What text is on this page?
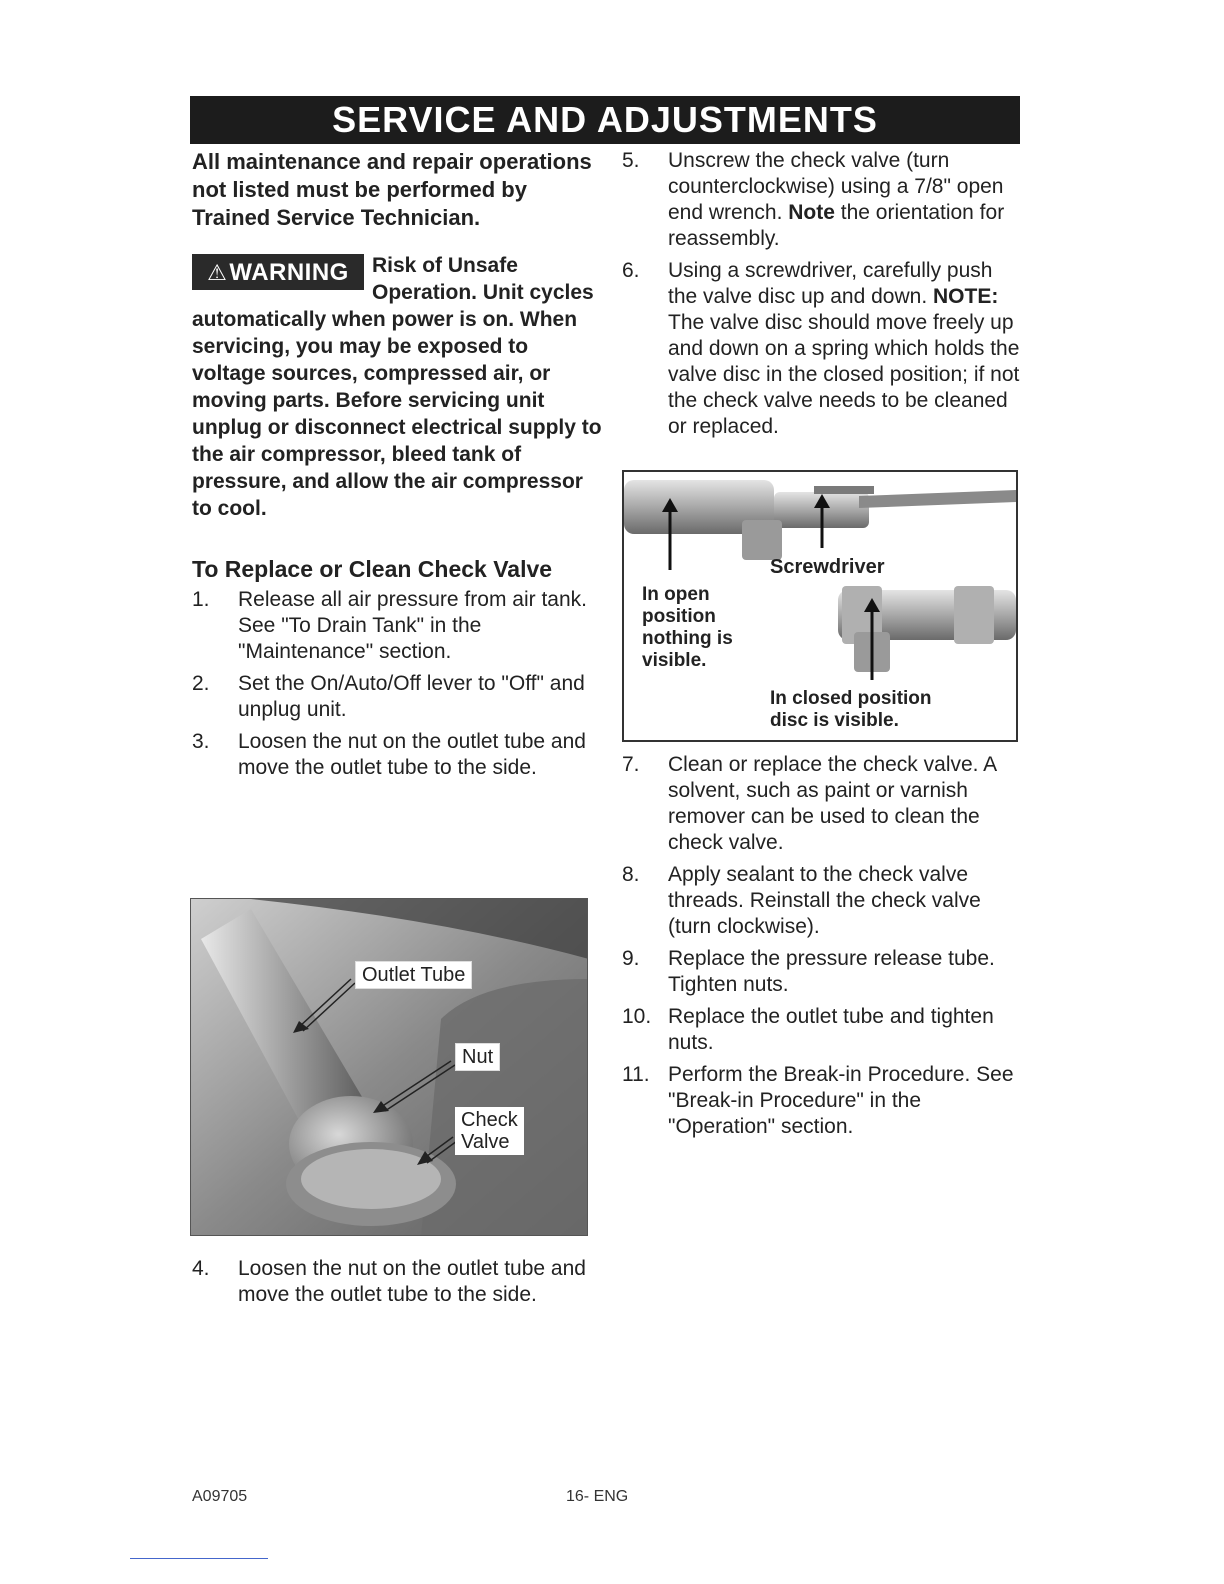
SERVICE AND ADJUSTMENTS

All maintenance and repair operations not listed must be performed by Trained Service Technician.

⚠ WARNING Risk of Unsafe Operation. Unit cycles automatically when power is on. When servicing, you may be exposed to voltage sources, compressed air, or moving parts. Before servicing unit unplug or disconnect electrical supply to the air compressor, bleed tank of pressure, and allow the air compressor to cool.
To Replace or Clean Check Valve
1.	Release all air pressure from air tank. See "To Drain Tank" in the "Maintenance" section.
2.	Set the On/Auto/Off lever to "Off" and unplug unit.
3.	Loosen the nut on the outlet tube and move the outlet tube to the side.
Outlet Tube
Nut
Check
Valve
4.	Loosen the nut on the outlet tube and move the outlet tube to the side.
5.	Unscrew the check valve (turn counterclockwise) using a 7/8" open end wrench. Note the orientation for reassembly.
6.	Using a screwdriver, carefully push the valve disc up and down. NOTE: The valve disc should move freely up and down on a spring which holds the valve disc in the closed position; if not the check valve needs to be cleaned or replaced.
Screwdriver
In open
position
nothing is
visible.
In closed position
disc is visible.
7.	Clean or replace the check valve. A solvent, such as paint or varnish remover can be used to clean the check valve.
8.	Apply sealant to the check valve threads. Reinstall the check valve (turn clockwise).
9.	Replace the pressure release tube. Tighten nuts.
10. Replace the outlet tube and tighten nuts.
11. Perform the Break-in Procedure. See "Break-in Procedure" in the "Operation" section.
A09705	16- ENG
